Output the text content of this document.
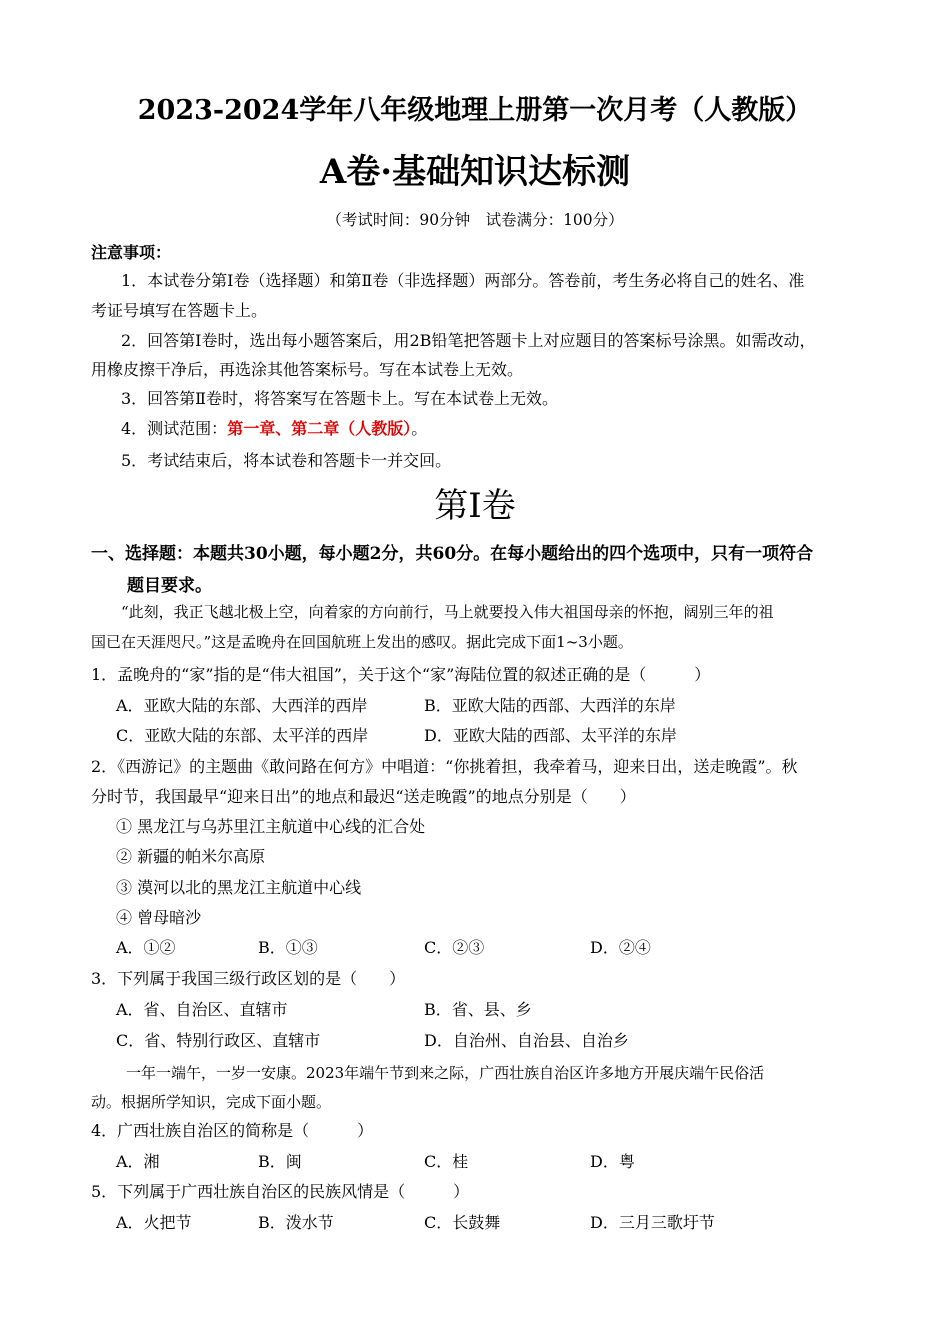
2023-2024学年八年级地理上册第一次月考（人教版）
A卷·基础知识达标测
（考试时间：90分钟　试卷满分：100分）
注意事项：
1．本试卷分第Ⅰ卷（选择题）和第Ⅱ卷（非选择题）两部分。答卷前，考生务必将自己的姓名、准
考证号填写在答题卡上。
2．回答第Ⅰ卷时，选出每小题答案后，用2B铅笔把答题卡上对应题目的答案标号涂黑。如需改动，
用橡皮擦干净后，再选涂其他答案标号。写在本试卷上无效。
3．回答第Ⅱ卷时，将答案写在答题卡上。写在本试卷上无效。
4．测试范围：第一章、第二章（人教版）。
5．考试结束后，将本试卷和答题卡一并交回。
第Ⅰ卷
一、选择题：本题共30小题，每小题2分，共60分。在每小题给出的四个选项中，只有一项符合
题目要求。
“此刻，我正飞越北极上空，向着家的方向前行，马上就要投入伟大祖国母亲的怀抱，阔别三年的祖
国已在天涯咫尺。”这是孟晚舟在回国航班上发出的感叹。据此完成下面1~3小题。
1．孟晚舟的“家”指的是“伟大祖国”，关于这个“家”海陆位置的叙述正确的是（　　　）
A．亚欧大陆的东部、大西洋的西岸	B．亚欧大陆的西部、大西洋的东岸
C．亚欧大陆的东部、太平洋的西岸	D．亚欧大陆的西部、太平洋的东岸
2．《西游记》的主题曲《敢问路在何方》中唱道：“你挑着担，我牵着马，迎来日出，送走晚霞”。秋
分时节，我国最早“迎来日出”的地点和最迟“送走晚霞”的地点分别是（　　）
① 黑龙江与乌苏里江主航道中心线的汇合处
② 新疆的帕米尔高原
③ 漠河以北的黑龙江主航道中心线
④ 曾母暗沙
A．①②	B．①③	C．②③	D．②④
3．下列属于我国三级行政区划的是（　　）
A．省、自治区、直辖市	B．省、县、乡
C．省、特别行政区、直辖市	D．自治州、自治县、自治乡
一年一端午，一岁一安康。2023年端午节到来之际，广西壮族自治区许多地方开展庆端午民俗活
动。根据所学知识，完成下面小题。
4．广西壮族自治区的简称是（　　　）
A．湘	B．闽	C．桂	D．粤
5．下列属于广西壮族自治区的民族风情是（　　　）
A．火把节	B．泼水节	C．长鼓舞	D．三月三歌圩节
